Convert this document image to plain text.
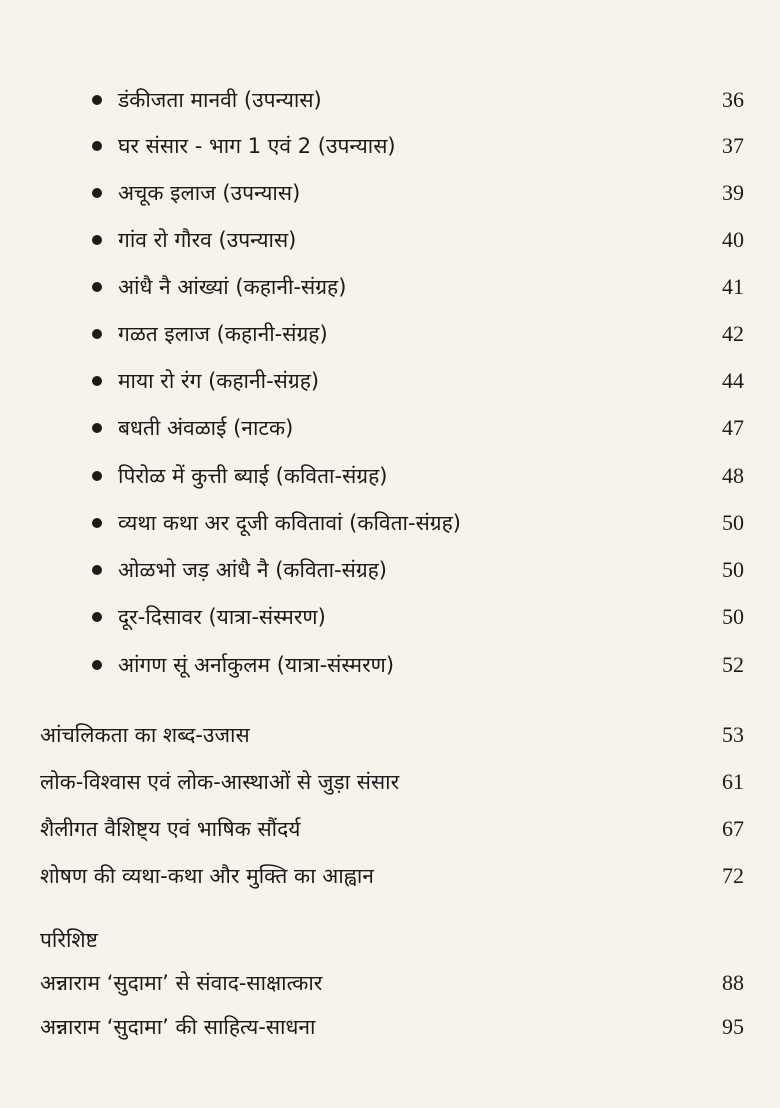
डंकीजता मानवी (उपन्यास)	36
घर संसार - भाग 1 एवं 2 (उपन्यास)	37
अचूक इलाज (उपन्यास)	39
गांव रो गौरव (उपन्यास)	40
आंधै नै आंख्यां (कहानी-संग्रह)	41
गळत इलाज (कहानी-संग्रह)	42
माया रो रंग (कहानी-संग्रह)	44
बधती अंवळाई (नाटक)	47
पिरोळ में कुत्ती ब्याई (कविता-संग्रह)	48
व्यथा कथा अर दूजी कवितावां (कविता-संग्रह)	50
ओळभो जड़ आंधै नै (कविता-संग्रह)	50
दूर-दिसावर (यात्रा-संस्मरण)	50
आंगण सूं अर्नाकुलम (यात्रा-संस्मरण)	52
आंचलिकता का शब्द-उजास	53
लोक-विश्वास एवं लोक-आस्थाओं से जुड़ा संसार	61
शैलीगत वैशिष्ट्य एवं भाषिक सौंदर्य	67
शोषण की व्यथा-कथा और मुक्ति का आह्वान	72
परिशिष्ट
अन्नाराम ‘सुदामा’ से संवाद-साक्षात्कार	88
अन्नाराम ‘सुदामा’ की साहित्य-साधना	95
